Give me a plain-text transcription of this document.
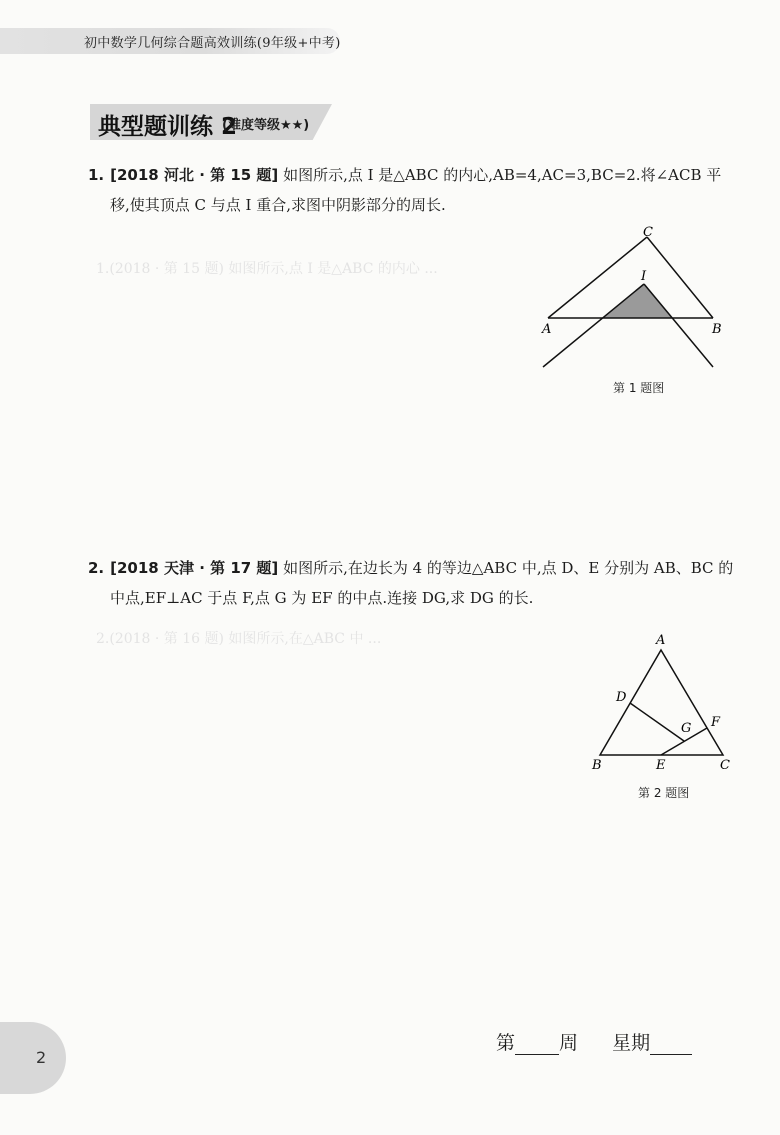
初中数学几何综合题高效训练(9年级+中考)
1.(2018 · 第 15 题) 如图所示,点 I 是△ABC 的内心 ...
2.(2018 · 第 16 题) 如图所示,在△ABC 中 ...
典型题训练 2
(难度等级★★)
1. [2018 河北 · 第 15 题] 如图所示,点 I 是△ABC 的内心,AB=4,AC=3,BC=2.将∠ACB 平
移,使其顶点 C 与点 I 重合,求图中阴影部分的周长.
C
I
A	B
第 1 题图
2. [2018 天津 · 第 17 题] 如图所示,在边长为 4 的等边△ABC 中,点 D、E 分别为 AB、BC 的
中点,EF⊥AC 于点 F,点 G 为 EF 的中点.连接 DG,求 DG 的长.
A
D
G F
B	E	C
第 2 题图
2
第 周 星期
